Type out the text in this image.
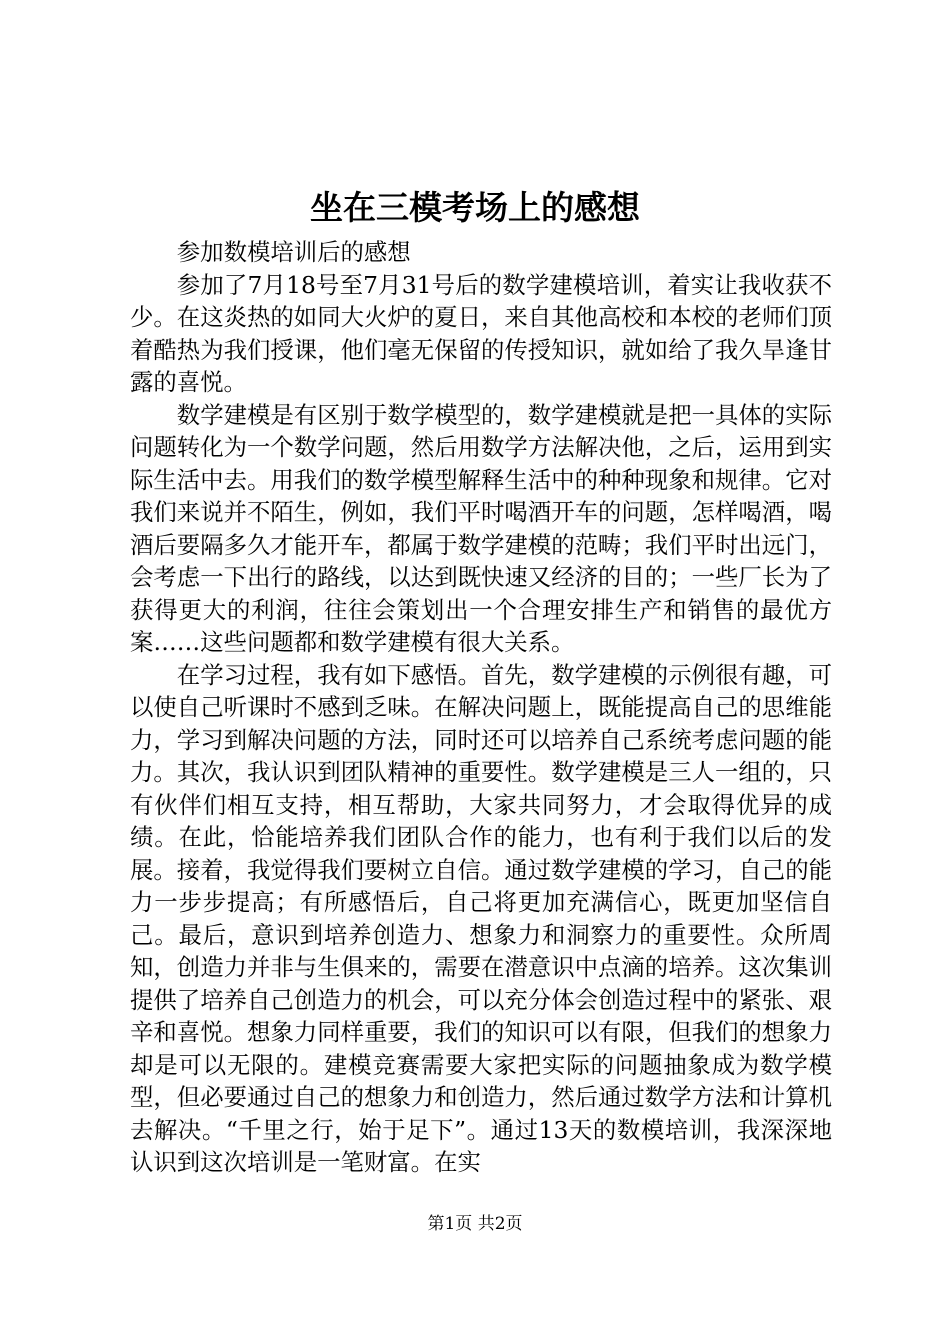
坐在三模考场上的感想

参加数模培训后的感想

参加了7月18号至7月31号后的数学建模培训，着实让我收获不少。在这炎热的如同大火炉的夏日，来自其他高校和本校的老师们顶着酷热为我们授课，他们毫无保留的传授知识，就如给了我久旱逢甘露的喜悦。

数学建模是有区别于数学模型的，数学建模就是把一具体的实际问题转化为一个数学问题，然后用数学方法解决他，之后，运用到实际生活中去。用我们的数学模型解释生活中的种种现象和规律。它对我们来说并不陌生，例如，我们平时喝酒开车的问题，怎样喝酒，喝酒后要隔多久才能开车，都属于数学建模的范畴；我们平时出远门，会考虑一下出行的路线，以达到既快速又经济的目的；一些厂长为了获得更大的利润，往往会策划出一个合理安排生产和销售的最优方案……这些问题都和数学建模有很大关系。

在学习过程，我有如下感悟。首先，数学建模的示例很有趣，可以使自己听课时不感到乏味。在解决问题上，既能提高自己的思维能力，学习到解决问题的方法，同时还可以培养自己系统考虑问题的能力。其次，我认识到团队精神的重要性。数学建模是三人一组的，只有伙伴们相互支持，相互帮助，大家共同努力，才会取得优异的成绩。在此，恰能培养我们团队合作的能力，也有利于我们以后的发展。接着，我觉得我们要树立自信。通过数学建模的学习，自己的能力一步步提高；有所感悟后，自己将更加充满信心，既更加坚信自己。最后，意识到培养创造力、想象力和洞察力的重要性。众所周知，创造力并非与生俱来的，需要在潜意识中点滴的培养。这次集训提供了培养自己创造力的机会，可以充分体会创造过程中的紧张、艰辛和喜悦。想象力同样重要，我们的知识可以有限，但我们的想象力却是可以无限的。建模竞赛需要大家把实际的问题抽象成为数学模型，但必要通过自己的想象力和创造力，然后通过数学方法和计算机去解决。“千里之行，始于足下”。通过13天的数模培训，我深深地认识到这次培训是一笔财富。在实

第1页 共2页
